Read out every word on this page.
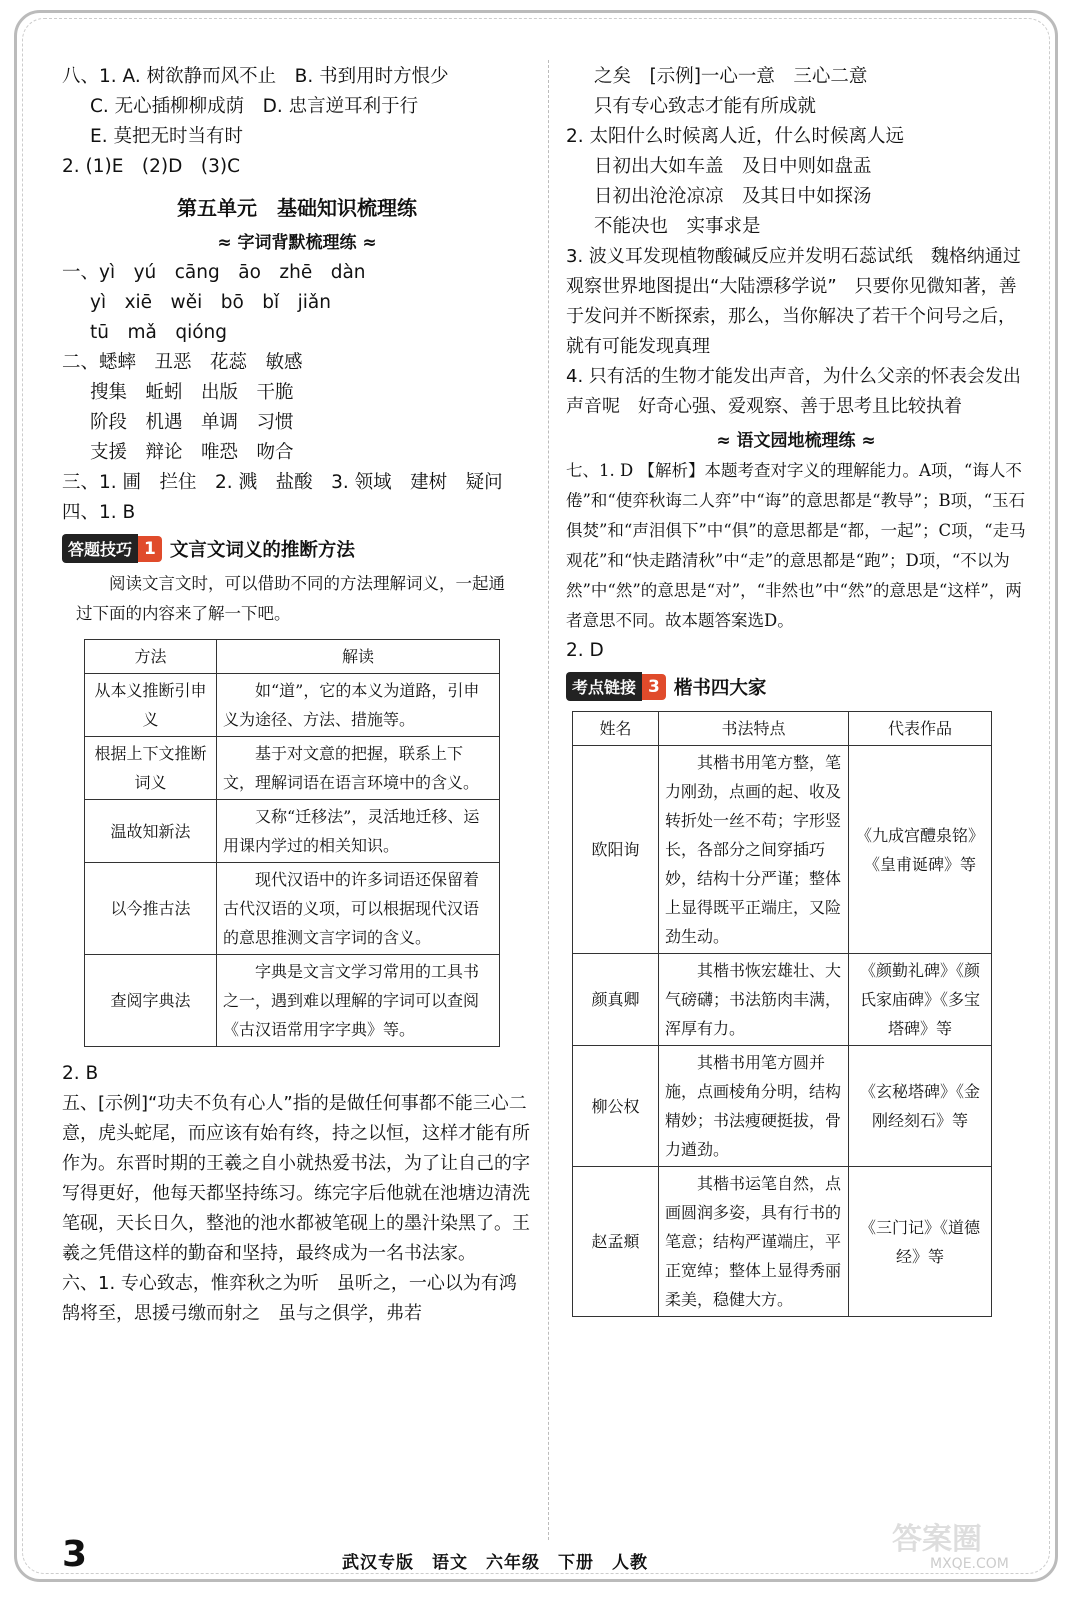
八、1. A. 树欲静而风不止　B. 书到用时方恨少
C. 无心插柳柳成荫　D. 忠言逆耳利于行
E. 莫把无时当有时
2. (1)E　(2)D　(3)C
第五单元　基础知识梳理练
≈ 字词背默梳理练 ≈
一、yì　yú　cāng　āo　zhē　dàn
yì　xiē　wěi　bō　bǐ　jiǎn
tū　mǎ　qióng
二、蟋蟀　丑恶　花蕊　敏感
搜集　蚯蚓　出版　干脆
阶段　机遇　单调　习惯
支援　辩论　唯恐　吻合
三、1. 圃　拦住　2. 溅　盐酸　3. 领域　建树　疑问
四、1. B
答题技巧 1 文言文词义的推断方法
阅读文言文时，可以借助不同的方法理解词义，一起通过下面的内容来了解一下吧。
方法	解读
从本义推断引申义	如“道”，它的本义为道路，引申义为途径、方法、措施等。
根据上下文推断词义	基于对文意的把握，联系上下文，理解词语在语言环境中的含义。
温故知新法	又称“迁移法”，灵活地迁移、运用课内学过的相关知识。
以今推古法	现代汉语中的许多词语还保留着古代汉语的义项，可以根据现代汉语的意思推测文言字词的含义。
查阅字典法	字典是文言文学习常用的工具书之一，遇到难以理解的字词可以查阅《古汉语常用字字典》等。
2. B
五、[示例]“功夫不负有心人”指的是做任何事都不能三心二意，虎头蛇尾，而应该有始有终，持之以恒，这样才能有所作为。东晋时期的王羲之自小就热爱书法，为了让自己的字写得更好，他每天都坚持练习。练完字后他就在池塘边清洗笔砚，天长日久，整池的池水都被笔砚上的墨汁染黑了。王羲之凭借这样的勤奋和坚持，最终成为一名书法家。
六、1. 专心致志，惟弈秋之为听　虽听之，一心以为有鸿鹄将至，思援弓缴而射之　虽与之俱学，弗若
之矣　[示例]一心一意　三心二意
只有专心致志才能有所成就
2. 太阳什么时候离人近，什么时候离人远
日初出大如车盖　及日中则如盘盂
日初出沧沧凉凉　及其日中如探汤
不能决也　实事求是
3. 波义耳发现植物酸碱反应并发明石蕊试纸　魏格纳通过观察世界地图提出“大陆漂移学说”　只要你见微知著，善于发问并不断探索，那么，当你解决了若干个问号之后，就有可能发现真理
4. 只有活的生物才能发出声音，为什么父亲的怀表会发出声音呢　好奇心强、爱观察、善于思考且比较执着
≈ 语文园地梳理练 ≈
七、1. D 【解析】本题考查对字义的理解能力。A项，“诲人不倦”和“使弈秋诲二人弈”中“诲”的意思都是“教导”；B项，“玉石俱焚”和“声泪俱下”中“俱”的意思都是“都，一起”；C项，“走马观花”和“快走踏清秋”中“走”的意思都是“跑”；D项，“不以为然”中“然”的意思是“对”，“非然也”中“然”的意思是“这样”，两者意思不同。故本题答案选D。
2. D
考点链接 3 楷书四大家
姓名	书法特点	代表作品
欧阳询	其楷书用笔方整，笔力刚劲，点画的起、收及转折处一丝不苟；字形竖长，各部分之间穿插巧妙，结构十分严谨；整体上显得既平正端庄，又险劲生动。	《九成宫醴泉铭》《皇甫诞碑》等
颜真卿	其楷书恢宏雄壮、大气磅礴；书法筋肉丰满，浑厚有力。	《颜勤礼碑》《颜氏家庙碑》《多宝塔碑》等
柳公权	其楷书用笔方圆并施，点画棱角分明，结构精妙；书法瘦硬挺拔，骨力遒劲。	《玄秘塔碑》《金刚经刻石》等
赵孟頫	其楷书运笔自然，点画圆润多姿，具有行书的笔意；结构严谨端庄，平正宽绰；整体上显得秀丽柔美，稳健大方。	《三门记》《道德经》等
3	武汉专版　语文　六年级　下册　人教
答案圈
MXQE.COM
